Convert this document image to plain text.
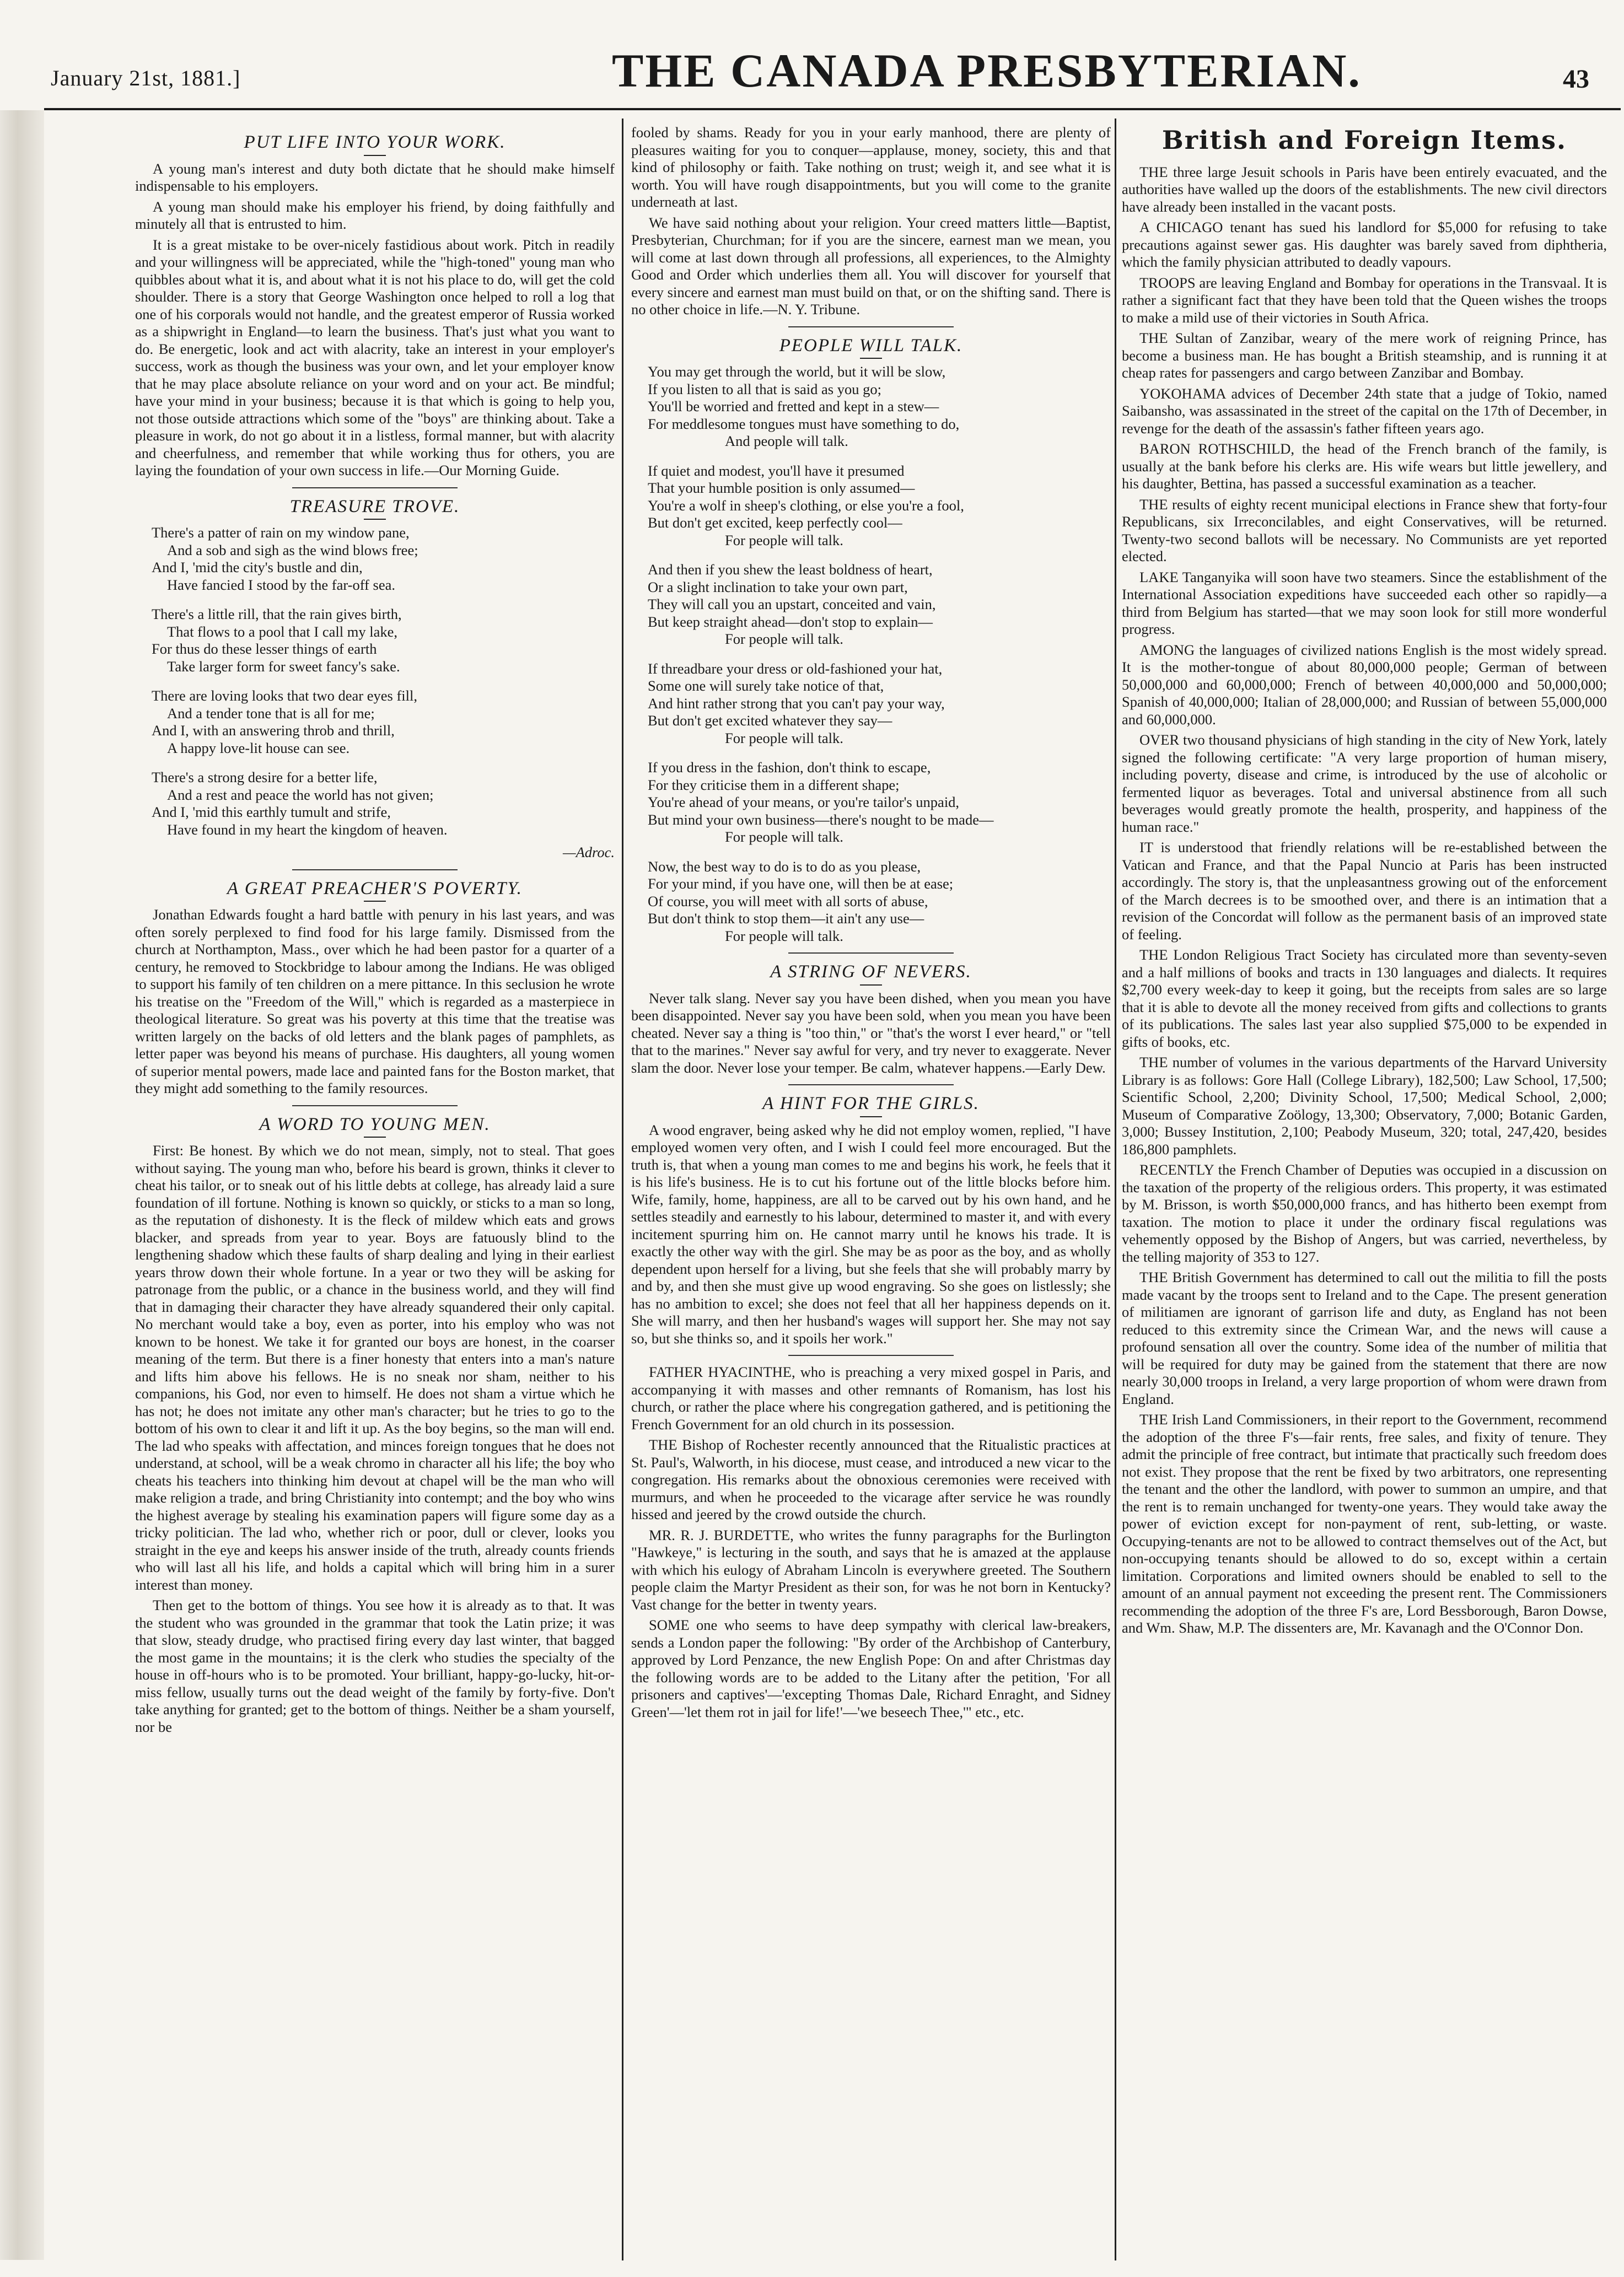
January 21st, 1881.]	THE CANADA PRESBYTERIAN.	43
PUT LIFE INTO YOUR WORK.

A young man's interest and duty both dictate that he should make himself indispensable to his employers.

A young man should make his employer his friend, by doing faithfully and minutely all that is entrusted to him.

It is a great mistake to be over-nicely fastidious about work. Pitch in readily and your willingness will be appreciated, while the "high-toned" young man who quibbles about what it is, and about what it is not his place to do, will get the cold shoulder. There is a story that George Washington once helped to roll a log that one of his corporals would not handle, and the greatest emperor of Russia worked as a shipwright in England—to learn the business. That's just what you want to do. Be energetic, look and act with alacrity, take an interest in your employer's success, work as though the business was your own, and let your employer know that he may place absolute reliance on your word and on your act. Be mindful; have your mind in your business; because it is that which is going to help you, not those outside attractions which some of the "boys" are thinking about. Take a pleasure in work, do not go about it in a listless, formal manner, but with alacrity and cheerfulness, and remember that while working thus for others, you are laying the foundation of your own success in life.—Our Morning Guide.

TREASURE TROVE.
There's a patter of rain on my window pane,
And a sob and sigh as the wind blows free;
And I, 'mid the city's bustle and din,
Have fancied I stood by the far-off sea.
There's a little rill, that the rain gives birth,
That flows to a pool that I call my lake,
For thus do these lesser things of earth
Take larger form for sweet fancy's sake.
There are loving looks that two dear eyes fill,
And a tender tone that is all for me;
And I, with an answering throb and thrill,
A happy love-lit house can see.
There's a strong desire for a better life,
And a rest and peace the world has not given;
And I, 'mid this earthly tumult and strife,
Have found in my heart the kingdom of heaven.
—Adroc.
A GREAT PREACHER'S POVERTY.

Jonathan Edwards fought a hard battle with penury in his last years, and was often sorely perplexed to find food for his large family. Dismissed from the church at Northampton, Mass., over which he had been pastor for a quarter of a century, he removed to Stockbridge to labour among the Indians. He was obliged to support his family of ten children on a mere pittance. In this seclusion he wrote his treatise on the "Freedom of the Will," which is regarded as a masterpiece in theological literature. So great was his poverty at this time that the treatise was written largely on the backs of old letters and the blank pages of pamphlets, as letter paper was beyond his means of purchase. His daughters, all young women of superior mental powers, made lace and painted fans for the Boston market, that they might add something to the family resources.

A WORD TO YOUNG MEN.

First: Be honest. By which we do not mean, simply, not to steal. That goes without saying. The young man who, before his beard is grown, thinks it clever to cheat his tailor, or to sneak out of his little debts at college, has already laid a sure foundation of ill fortune. Nothing is known so quickly, or sticks to a man so long, as the reputation of dishonesty. It is the fleck of mildew which eats and grows blacker, and spreads from year to year. Boys are fatuously blind to the lengthening shadow which these faults of sharp dealing and lying in their earliest years throw down their whole fortune. In a year or two they will be asking for patronage from the public, or a chance in the business world, and they will find that in damaging their character they have already squandered their only capital. No merchant would take a boy, even as porter, into his employ who was not known to be honest. We take it for granted our boys are honest, in the coarser meaning of the term. But there is a finer honesty that enters into a man's nature and lifts him above his fellows. He is no sneak nor sham, neither to his companions, his God, nor even to himself. He does not sham a virtue which he has not; he does not imitate any other man's character; but he tries to go to the bottom of his own to clear it and lift it up. As the boy begins, so the man will end. The lad who speaks with affectation, and minces foreign tongues that he does not understand, at school, will be a weak chromo in character all his life; the boy who cheats his teachers into thinking him devout at chapel will be the man who will make religion a trade, and bring Christianity into contempt; and the boy who wins the highest average by stealing his examination papers will figure some day as a tricky politician. The lad who, whether rich or poor, dull or clever, looks you straight in the eye and keeps his answer inside of the truth, already counts friends who will last all his life, and holds a capital which will bring him in a surer interest than money.

Then get to the bottom of things. You see how it is already as to that. It was the student who was grounded in the grammar that took the Latin prize; it was that slow, steady drudge, who practised firing every day last winter, that bagged the most game in the mountains; it is the clerk who studies the specialty of the house in off-hours who is to be promoted. Your brilliant, happy-go-lucky, hit-or-miss fellow, usually turns out the dead weight of the family by forty-five. Don't take anything for granted; get to the bottom of things. Neither be a sham yourself, nor be

fooled by shams. Ready for you in your early manhood, there are plenty of pleasures waiting for you to conquer—applause, money, society, this and that kind of philosophy or faith. Take nothing on trust; weigh it, and see what it is worth. You will have rough disappointments, but you will come to the granite underneath at last.

We have said nothing about your religion. Your creed matters little—Baptist, Presbyterian, Churchman; for if you are the sincere, earnest man we mean, you will come at last down through all professions, all experiences, to the Almighty Good and Order which underlies them all. You will discover for yourself that every sincere and earnest man must build on that, or on the shifting sand. There is no other choice in life.—N. Y. Tribune.

PEOPLE WILL TALK.
You may get through the world, but it will be slow,
If you listen to all that is said as you go;
You'll be worried and fretted and kept in a stew—
For meddlesome tongues must have something to do,
And people will talk.
If quiet and modest, you'll have it presumed
That your humble position is only assumed—
You're a wolf in sheep's clothing, or else you're a fool,
But don't get excited, keep perfectly cool—
For people will talk.
And then if you shew the least boldness of heart,
Or a slight inclination to take your own part,
They will call you an upstart, conceited and vain,
But keep straight ahead—don't stop to explain—
For people will talk.
If threadbare your dress or old-fashioned your hat,
Some one will surely take notice of that,
And hint rather strong that you can't pay your way,
But don't get excited whatever they say—
For people will talk.
If you dress in the fashion, don't think to escape,
For they criticise them in a different shape;
You're ahead of your means, or you're tailor's unpaid,
But mind your own business—there's nought to be made—
For people will talk.
Now, the best way to do is to do as you please,
For your mind, if you have one, will then be at ease;
Of course, you will meet with all sorts of abuse,
But don't think to stop them—it ain't any use—
For people will talk.
A STRING OF NEVERS.

Never talk slang. Never say you have been dished, when you mean you have been disappointed. Never say you have been sold, when you mean you have been cheated. Never say a thing is "too thin," or "that's the worst I ever heard," or "tell that to the marines." Never say awful for very, and try never to exaggerate. Never slam the door. Never lose your temper. Be calm, whatever happens.—Early Dew.

A HINT FOR THE GIRLS.

A wood engraver, being asked why he did not employ women, replied, "I have employed women very often, and I wish I could feel more encouraged. But the truth is, that when a young man comes to me and begins his work, he feels that it is his life's business. He is to cut his fortune out of the little blocks before him. Wife, family, home, happiness, are all to be carved out by his own hand, and he settles steadily and earnestly to his labour, determined to master it, and with every incitement spurring him on. He cannot marry until he knows his trade. It is exactly the other way with the girl. She may be as poor as the boy, and as wholly dependent upon herself for a living, but she feels that she will probably marry by and by, and then she must give up wood engraving. So she goes on listlessly; she has no ambition to excel; she does not feel that all her happiness depends on it. She will marry, and then her husband's wages will support her. She may not say so, but she thinks so, and it spoils her work."

FATHER HYACINTHE, who is preaching a very mixed gospel in Paris, and accompanying it with masses and other remnants of Romanism, has lost his church, or rather the place where his congregation gathered, and is petitioning the French Government for an old church in its possession.

THE Bishop of Rochester recently announced that the Ritualistic practices at St. Paul's, Walworth, in his diocese, must cease, and introduced a new vicar to the congregation. His remarks about the obnoxious ceremonies were received with murmurs, and when he proceeded to the vicarage after service he was roundly hissed and jeered by the crowd outside the church.

MR. R. J. BURDETTE, who writes the funny paragraphs for the Burlington "Hawkeye," is lecturing in the south, and says that he is amazed at the applause with which his eulogy of Abraham Lincoln is everywhere greeted. The Southern people claim the Martyr President as their son, for was he not born in Kentucky? Vast change for the better in twenty years.

SOME one who seems to have deep sympathy with clerical law-breakers, sends a London paper the following: "By order of the Archbishop of Canterbury, approved by Lord Penzance, the new English Pope: On and after Christmas day the following words are to be added to the Litany after the petition, 'For all prisoners and captives'—'excepting Thomas Dale, Richard Enraght, and Sidney Green'—'let them rot in jail for life!'—'we beseech Thee,'" etc., etc.

British and Foreign Items.

THE three large Jesuit schools in Paris have been entirely evacuated, and the authorities have walled up the doors of the establishments. The new civil directors have already been installed in the vacant posts.

A CHICAGO tenant has sued his landlord for $5,000 for refusing to take precautions against sewer gas. His daughter was barely saved from diphtheria, which the family physician attributed to deadly vapours.

TROOPS are leaving England and Bombay for operations in the Transvaal. It is rather a significant fact that they have been told that the Queen wishes the troops to make a mild use of their victories in South Africa.

THE Sultan of Zanzibar, weary of the mere work of reigning Prince, has become a business man. He has bought a British steamship, and is running it at cheap rates for passengers and cargo between Zanzibar and Bombay.

YOKOHAMA advices of December 24th state that a judge of Tokio, named Saibansho, was assassinated in the street of the capital on the 17th of December, in revenge for the death of the assassin's father fifteen years ago.

BARON ROTHSCHILD, the head of the French branch of the family, is usually at the bank before his clerks are. His wife wears but little jewellery, and his daughter, Bettina, has passed a successful examination as a teacher.

THE results of eighty recent municipal elections in France shew that forty-four Republicans, six Irreconcilables, and eight Conservatives, will be returned. Twenty-two second ballots will be necessary. No Communists are yet reported elected.

LAKE Tanganyika will soon have two steamers. Since the establishment of the International Association expeditions have succeeded each other so rapidly—a third from Belgium has started—that we may soon look for still more wonderful progress.

AMONG the languages of civilized nations English is the most widely spread. It is the mother-tongue of about 80,000,000 people; German of between 50,000,000 and 60,000,000; French of between 40,000,000 and 50,000,000; Spanish of 40,000,000; Italian of 28,000,000; and Russian of between 55,000,000 and 60,000,000.

OVER two thousand physicians of high standing in the city of New York, lately signed the following certificate: "A very large proportion of human misery, including poverty, disease and crime, is introduced by the use of alcoholic or fermented liquor as beverages. Total and universal abstinence from all such beverages would greatly promote the health, prosperity, and happiness of the human race."

IT is understood that friendly relations will be re-established between the Vatican and France, and that the Papal Nuncio at Paris has been instructed accordingly. The story is, that the unpleasantness growing out of the enforcement of the March decrees is to be smoothed over, and there is an intimation that a revision of the Concordat will follow as the permanent basis of an improved state of feeling.

THE London Religious Tract Society has circulated more than seventy-seven and a half millions of books and tracts in 130 languages and dialects. It requires $2,700 every week-day to keep it going, but the receipts from sales are so large that it is able to devote all the money received from gifts and collections to grants of its publications. The sales last year also supplied $75,000 to be expended in gifts of books, etc.

THE number of volumes in the various departments of the Harvard University Library is as follows: Gore Hall (College Library), 182,500; Law School, 17,500; Scientific School, 2,200; Divinity School, 17,500; Medical School, 2,000; Museum of Comparative Zoölogy, 13,300; Observatory, 7,000; Botanic Garden, 3,000; Bussey Institution, 2,100; Peabody Museum, 320; total, 247,420, besides 186,800 pamphlets.

RECENTLY the French Chamber of Deputies was occupied in a discussion on the taxation of the property of the religious orders. This property, it was estimated by M. Brisson, is worth $50,000,000 francs, and has hitherto been exempt from taxation. The motion to place it under the ordinary fiscal regulations was vehemently opposed by the Bishop of Angers, but was carried, nevertheless, by the telling majority of 353 to 127.

THE British Government has determined to call out the militia to fill the posts made vacant by the troops sent to Ireland and to the Cape. The present generation of militiamen are ignorant of garrison life and duty, as England has not been reduced to this extremity since the Crimean War, and the news will cause a profound sensation all over the country. Some idea of the number of militia that will be required for duty may be gained from the statement that there are now nearly 30,000 troops in Ireland, a very large proportion of whom were drawn from England.

THE Irish Land Commissioners, in their report to the Government, recommend the adoption of the three F's—fair rents, free sales, and fixity of tenure. They admit the principle of free contract, but intimate that practically such freedom does not exist. They propose that the rent be fixed by two arbitrators, one representing the tenant and the other the landlord, with power to summon an umpire, and that the rent is to remain unchanged for twenty-one years. They would take away the power of eviction except for non-payment of rent, sub-letting, or waste. Occupying-tenants are not to be allowed to contract themselves out of the Act, but non-occupying tenants should be allowed to do so, except within a certain limitation. Corporations and limited owners should be enabled to sell to the amount of an annual payment not exceeding the present rent. The Commissioners recommending the adoption of the three F's are, Lord Bessborough, Baron Dowse, and Wm. Shaw, M.P. The dissenters are, Mr. Kavanagh and the O'Connor Don.
